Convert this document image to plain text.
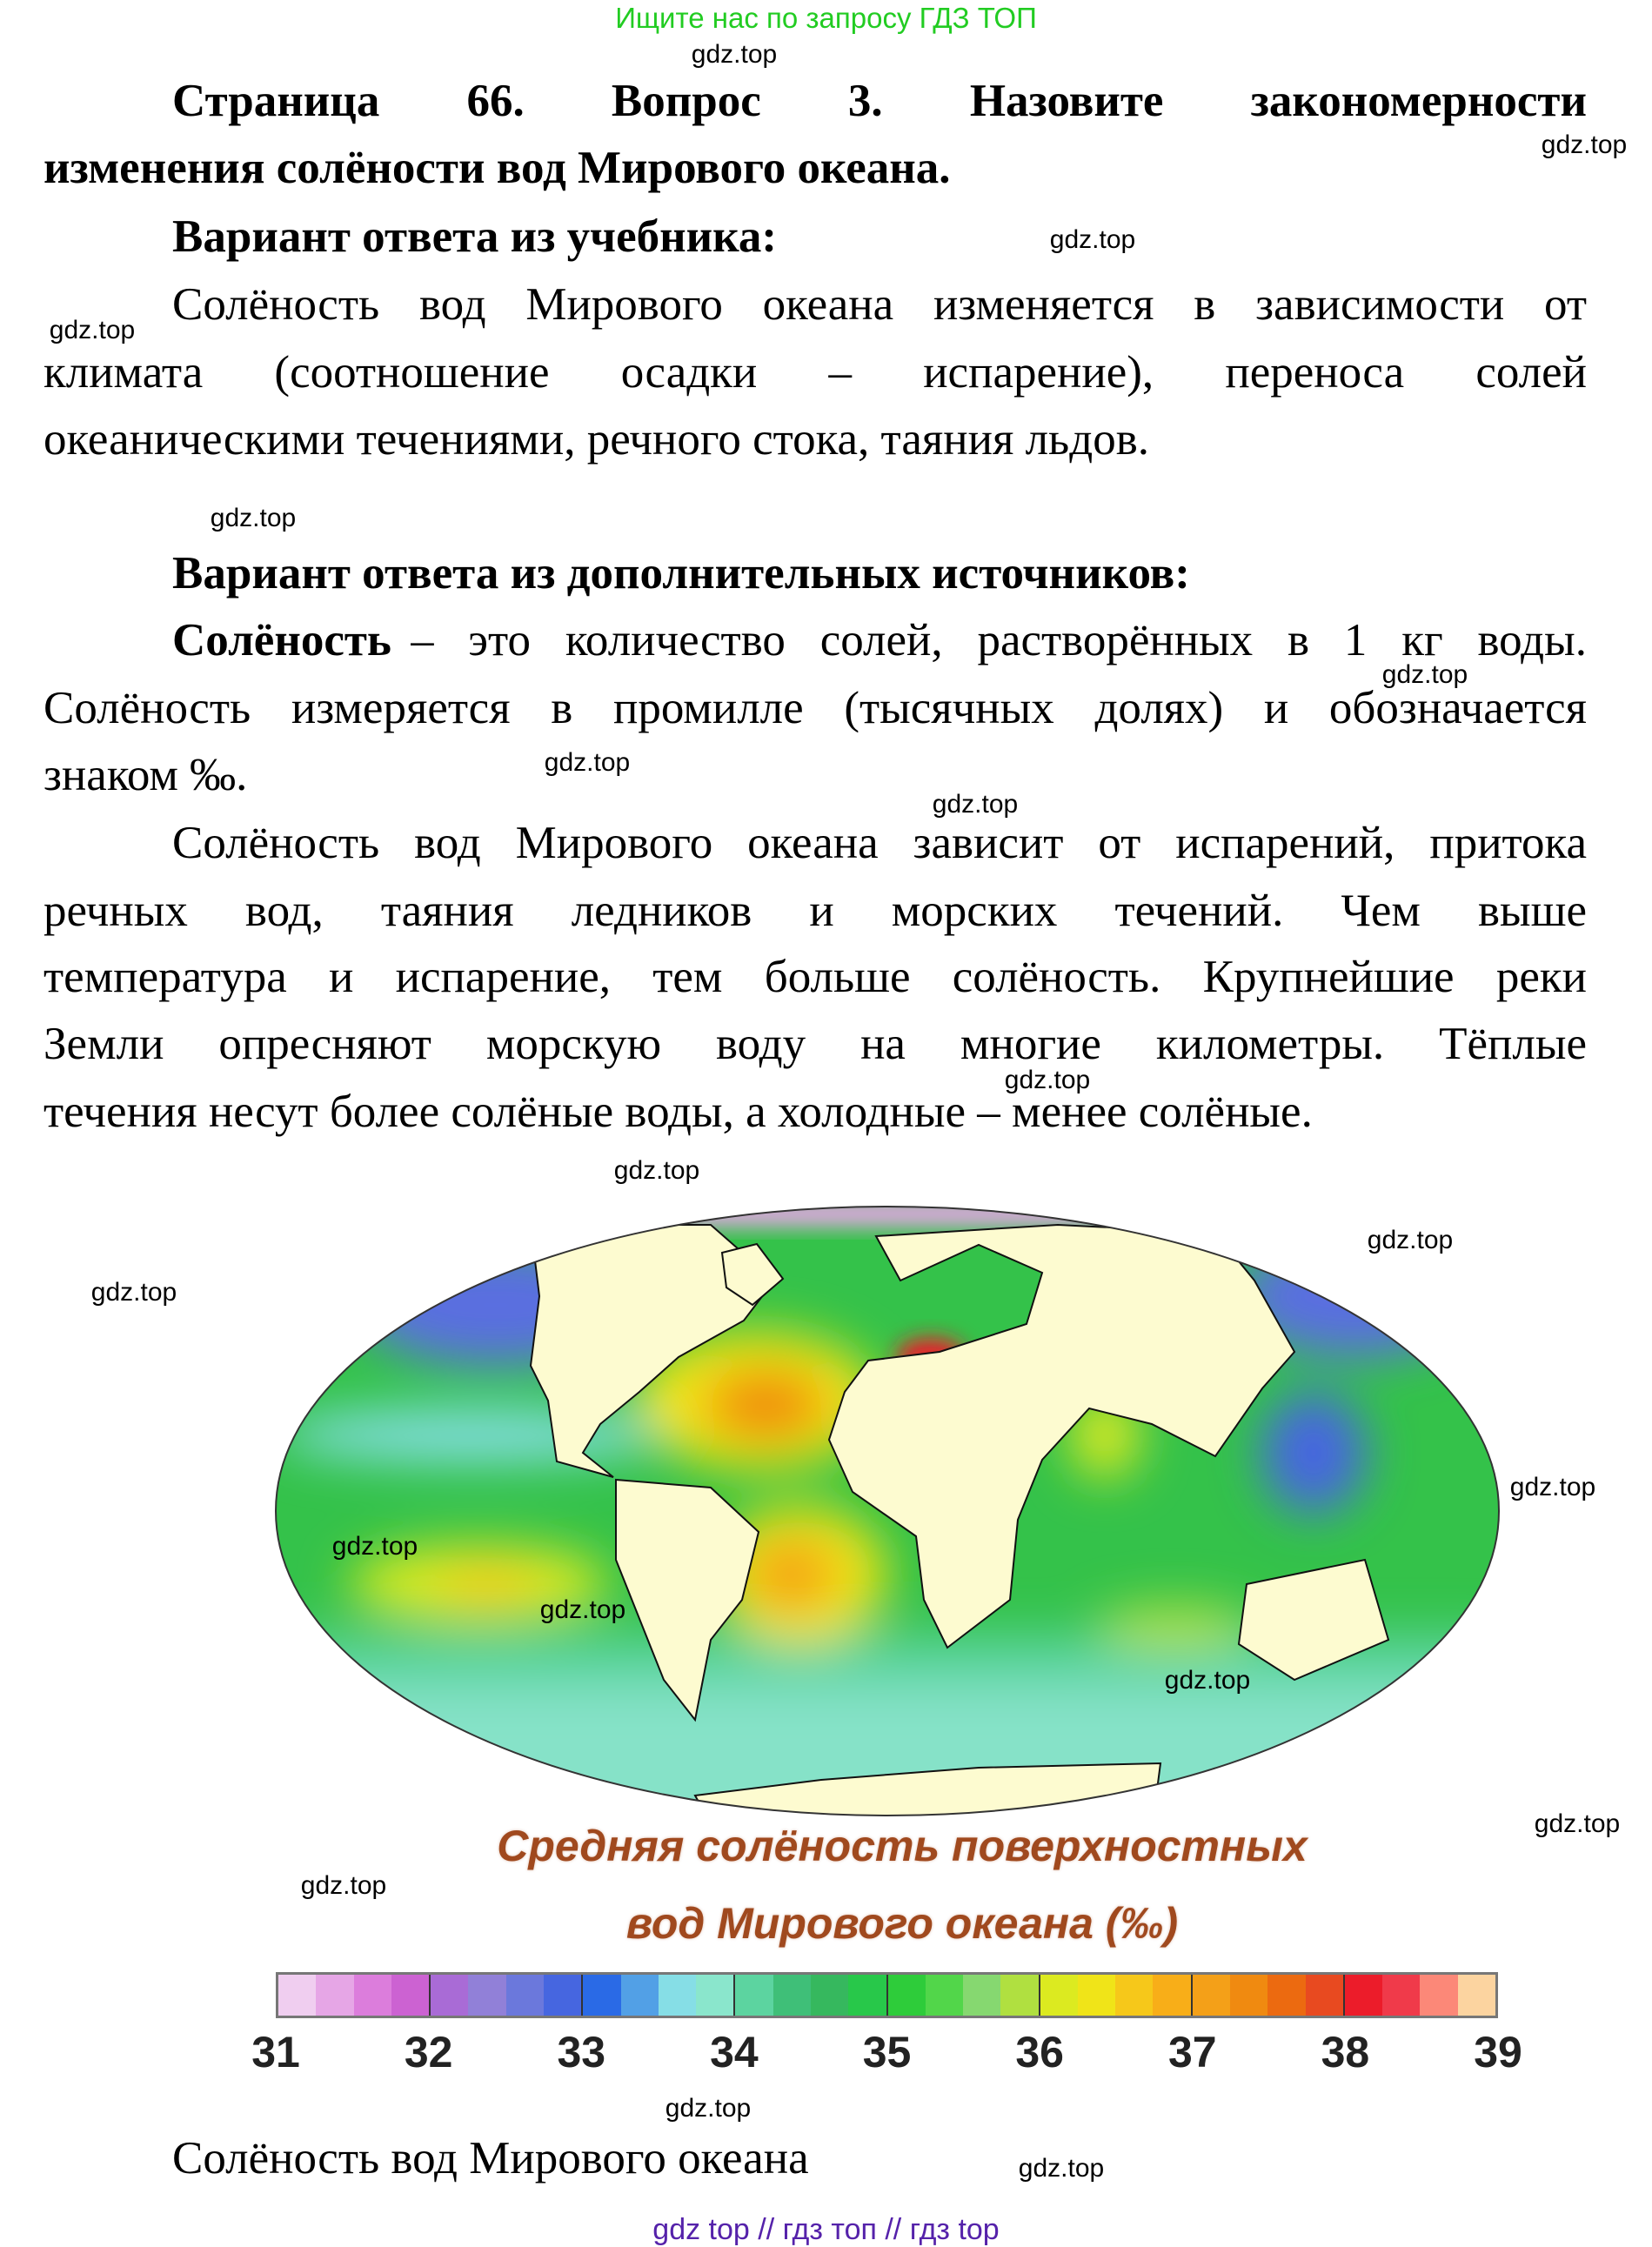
Ищите нас по запросу ГДЗ ТОП
Страница 66. Вопрос 3. Назовите закономерности
изменения солёности вод Мирового океана.
Вариант ответа из учебника:
Солёность вод Мирового океана изменяется в зависимости от
климата (соотношение осадки – испарение), переноса солей
океаническими течениями, речного стока, таяния льдов.
Вариант ответа из дополнительных источников:
Солёность – это количество солей, растворённых в 1 кг воды.
Солёность измеряется в промилле (тысячных долях) и обозначается
знаком ‰.
Солёность вод Мирового океана зависит от испарений, притока
речных вод, таяния ледников и морских течений. Чем выше
температура и испарение, тем больше солёность. Крупнейшие реки
Земли опресняют морскую воду на многие километры. Тёплые
течения несут более солёные воды, а холодные – менее солёные.
Средняя солёность поверхностных
вод Мирового океана (‰)
31	32	33	34	35	36	37	38	39
Солёность вод Мирового океана
gdz.top
gdz.top
gdz.top
gdz.top
gdz.top
gdz.top
gdz.top
gdz.top
gdz.top
gdz.top
gdz.top
gdz.top
gdz.top
gdz.top
gdz.top
gdz.top
gdz.top
gdz.top
gdz.top
gdz.top
gdz top // гдз топ // гдз top
